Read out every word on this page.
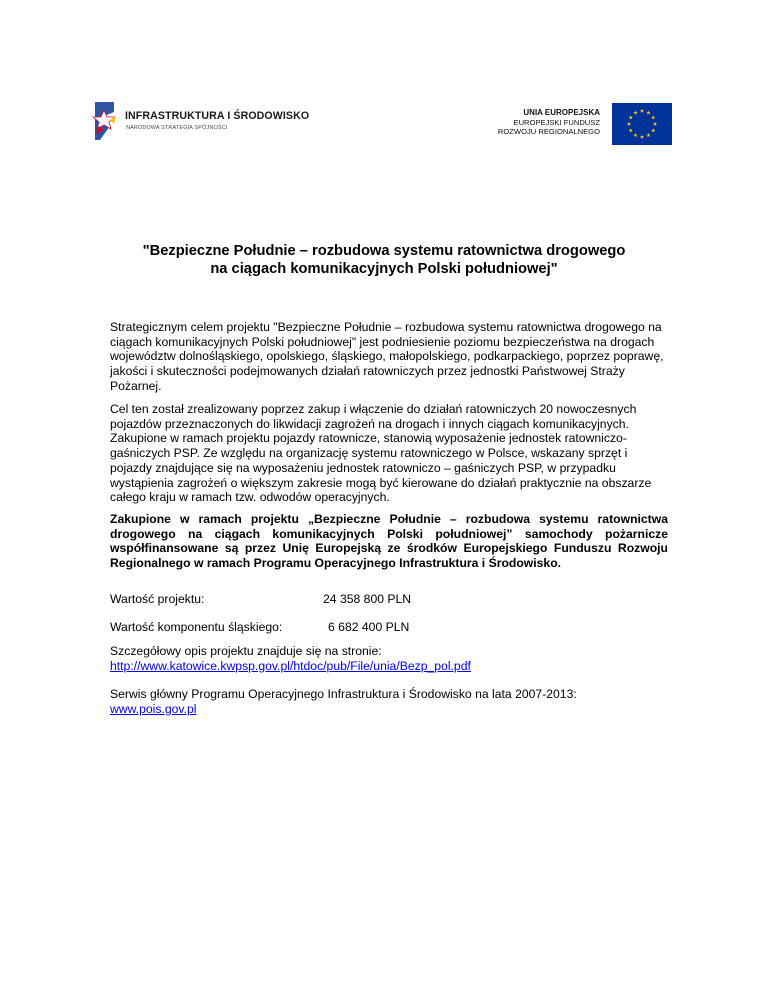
INFRASTRUKTURA I ŚRODOWISKO
NARODOWA STRATEGIA SPÓJNOŚCI
UNIA EUROPEJSKA
EUROPEJSKI FUNDUSZ
ROZWOJU REGIONALNEGO
"Bezpieczne Południe – rozbudowa systemu ratownictwa drogowego
na ciągach komunikacyjnych Polski południowej"
Strategicznym celem projektu "Bezpieczne Południe – rozbudowa systemu ratownictwa drogowego na ciągach komunikacyjnych Polski południowej" jest podniesienie poziomu bezpieczeństwa na drogach województw dolnośląskiego, opolskiego, śląskiego, małopolskiego, podkarpackiego, poprzez poprawę, jakości i skuteczności podejmowanych działań ratowniczych przez jednostki Państwowej Straży Pożarnej.
Cel ten został zrealizowany poprzez zakup i włączenie do działań ratowniczych 20 nowoczesnych pojazdów przeznaczonych do likwidacji zagrożeń na drogach i innych ciągach komunikacyjnych. Zakupione w ramach projektu pojazdy ratownicze, stanowią wyposażenie jednostek ratowniczo-gaśniczych PSP. Ze względu na organizację systemu ratowniczego w Polsce, wskazany sprzęt i pojazdy znajdujące się na wyposażeniu jednostek ratowniczo – gaśniczych PSP, w przypadku wystąpienia zagrożeń o większym zakresie mogą być kierowane do działań praktycznie na obszarze całego kraju w ramach tzw. odwodów operacyjnych.
Zakupione w ramach projektu „Bezpieczne Południe – rozbudowa systemu ratownictwa drogowego na ciągach komunikacyjnych Polski południowej” samochody pożarnicze współfinansowane są przez Unię Europejską ze środków Europejskiego Funduszu Rozwoju Regionalnego w ramach Programu Operacyjnego Infrastruktura i Środowisko.
Wartość projektu:	24 358 800 PLN
Wartość komponentu śląskiego:	6 682 400 PLN
Szczegółowy opis projektu znajduje się na stronie:
http://www.katowice.kwpsp.gov.pl/htdoc/pub/File/unia/Bezp_pol.pdf
Serwis główny Programu Operacyjnego Infrastruktura i Środowisko na lata 2007-2013:
www.pois.gov.pl
